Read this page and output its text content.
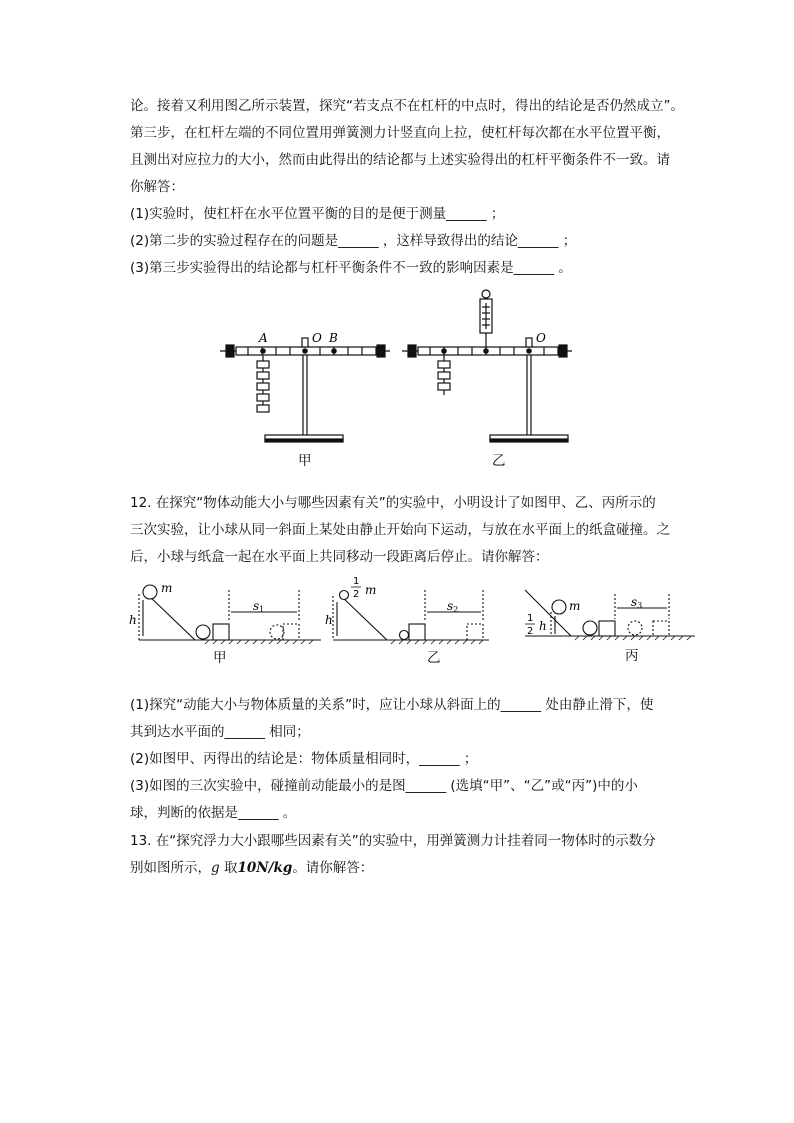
论。接着又利用图乙所示装置，探究“若支点不在杠杆的中点时，得出的结论是否仍然成立”。
第三步，在杠杆左端的不同位置用弹簧测力计竖直向上拉，使杠杆每次都在水平位置平衡，
且测出对应拉力的大小，然而由此得出的结论都与上述实验得出的杠杆平衡条件不一致。请
你解答：
(1)实验时，使杠杆在水平位置平衡的目的是便于测量______ ；
(2)第二步的实验过程存在的问题是______ ，这样导致得出的结论______ ；
(3)第三步实验得出的结论都与杠杆平衡条件不一致的影响因素是______ 。
A	O B
甲
O
乙
12. 在探究“物体动能大小与哪些因素有关”的实验中，小明设计了如图甲、乙、丙所示的
三次实验，让小球从同一斜面上某处由静止开始向下运动，与放在水平面上的纸盒碰撞。之
后，小球与纸盒一起在水平面上共同移动一段距离后停止。请你解答：
m
h
s1
甲
1
2 m
h
s2
乙
m
1
2 h
s3
丙
(1)探究“动能大小与物体质量的关系”时，应让小球从斜面上的______ 处由静止滑下，使
其到达水平面的______ 相同；
(2)如图甲、丙得出的结论是：物体质量相同时，______ ；
(3)如图的三次实验中，碰撞前动能最小的是图______ (选填“甲”、“乙”或“丙”)中的小
球，判断的依据是______ 。
13. 在“探究浮力大小跟哪些因素有关”的实验中，用弹簧测力计挂着同一物体时的示数分
别如图所示，g 取10N/kg。请你解答：
